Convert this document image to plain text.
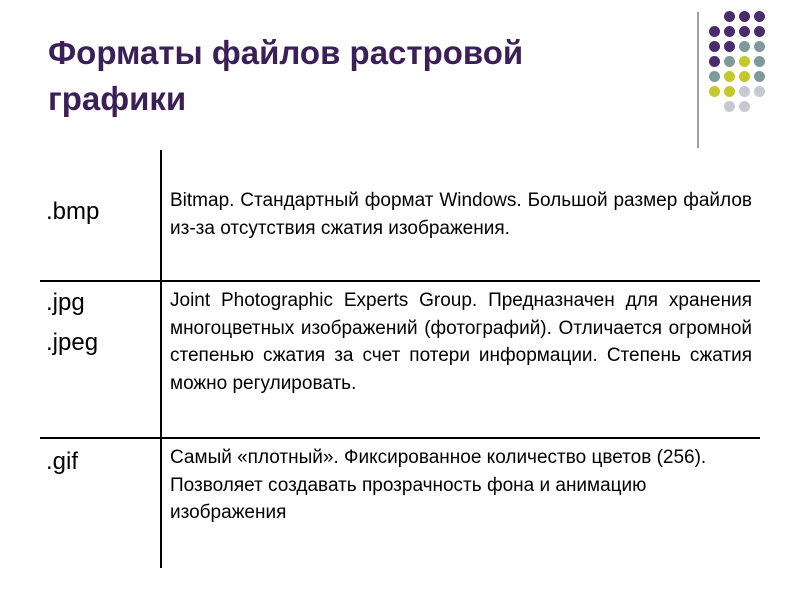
Форматы файлов растровой
графики
.bmp	Bitmap. Стандартный формат Windows. Большой размер файлов из-за отсутствия сжатия изображения.

.jpg
.jpeg

Joint Photographic Experts Group. Предназначен для хранения многоцветных изображений (фотографий). Отличается огромной степенью сжатия за счет потери информации. Степень сжатия можно регулировать.

.gif	Самый «плотный». Фиксированное количество цветов (256). Позволяет создавать прозрачность фона и анимацию изображения
